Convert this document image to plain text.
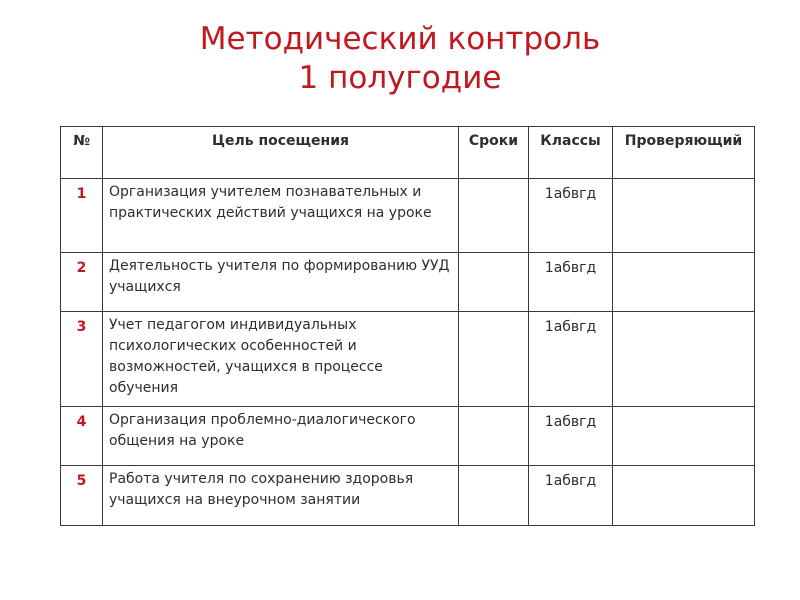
Методический контроль
1 полугодие
№	Цель посещения	Сроки	Классы	Проверяющий
1	Организация учителем познавательных и практических действий учащихся на уроке		1абвгд	
2	Деятельность учителя по формированию УУД учащихся		1абвгд	
3	Учет педагогом индивидуальных психологических особенностей и возможностей, учащихся в процессе обучения		1абвгд	
4	Организация проблемно-диалогического общения на уроке		1абвгд	
5	Работа учителя по сохранению здоровья учащихся на внеурочном занятии		1абвгд	
